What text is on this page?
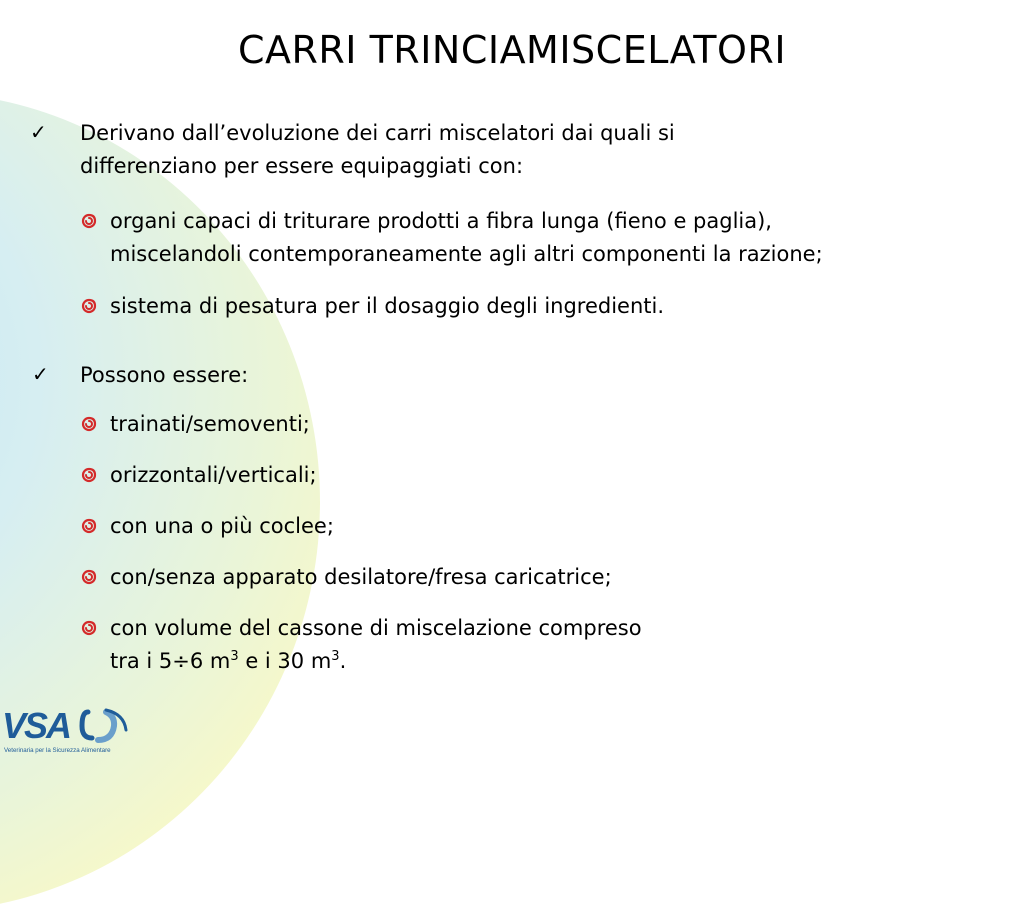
CARRI TRINCIAMISCELATORI
✓ Derivano dall’evoluzione dei carri miscelatori dai quali si
differenziano per essere equipaggiati con:
organi capaci di triturare prodotti a fibra lunga (fieno e paglia),
miscelandoli contemporaneamente agli altri componenti la razione;
sistema di pesatura per il dosaggio degli ingredienti.
✓ Possono essere:
trainati/semoventi;
orizzontali/verticali;
con una o più coclee;
con/senza apparato desilatore/fresa caricatrice;
con volume del cassone di miscelazione compreso
tra i 5÷6 $m^3$ e i 30 $m^3$.
VSA
Veterinaria per la Sicurezza Alimentare
